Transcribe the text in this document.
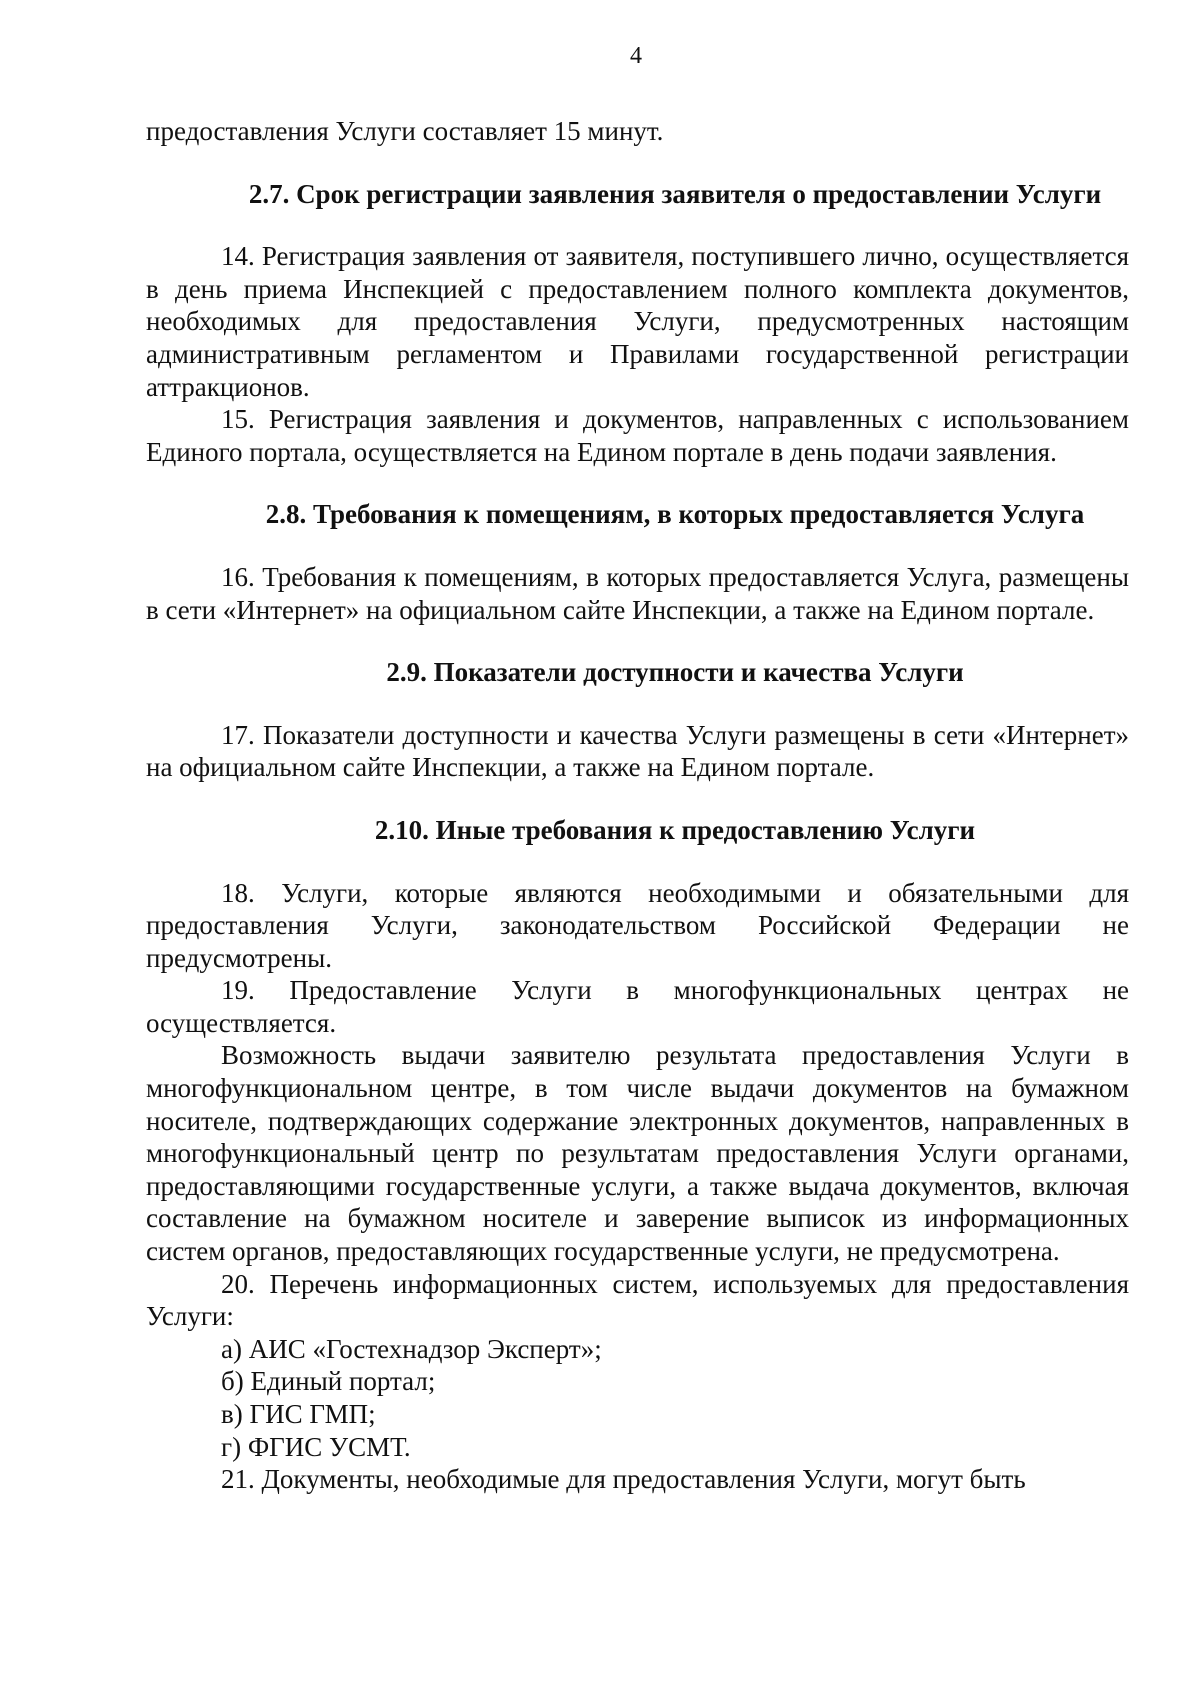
4

предоставления Услуги составляет 15 минут.

2.7. Срок регистрации заявления заявителя о предоставлении Услуги

14. Регистрация заявления от заявителя, поступившего лично, осуществляется в день приема Инспекцией с предоставлением полного комплекта документов, необходимых для предоставления Услуги, предусмотренных настоящим административным регламентом и Правилами государственной регистрации аттракционов.

15. Регистрация заявления и документов, направленных с использованием Единого портала, осуществляется на Едином портале в день подачи заявления.

2.8. Требования к помещениям, в которых предоставляется Услуга

16. Требования к помещениям, в которых предоставляется Услуга, размещены в сети «Интернет» на официальном сайте Инспекции, а также на Едином портале.

2.9. Показатели доступности и качества Услуги

17. Показатели доступности и качества Услуги размещены в сети «Интернет» на официальном сайте Инспекции, а также на Едином портале.

2.10. Иные требования к предоставлению Услуги

18. Услуги, которые являются необходимыми и обязательными для предоставления Услуги, законодательством Российской Федерации не предусмотрены.

19. Предоставление Услуги в многофункциональных центрах не осуществляется.

Возможность выдачи заявителю результата предоставления Услуги в многофункциональном центре, в том числе выдачи документов на бумажном носителе, подтверждающих содержание электронных документов, направленных в многофункциональный центр по результатам предоставления Услуги органами, предоставляющими государственные услуги, а также выдача документов, включая составление на бумажном носителе и заверение выписок из информационных систем органов, предоставляющих государственные услуги, не предусмотрена.

20. Перечень информационных систем, используемых для предоставления Услуги:

а) АИС «Гостехнадзор Эксперт»;

б) Единый портал;

в) ГИС ГМП;

г) ФГИС УСМТ.

21. Документы, необходимые для предоставления Услуги, могут быть
